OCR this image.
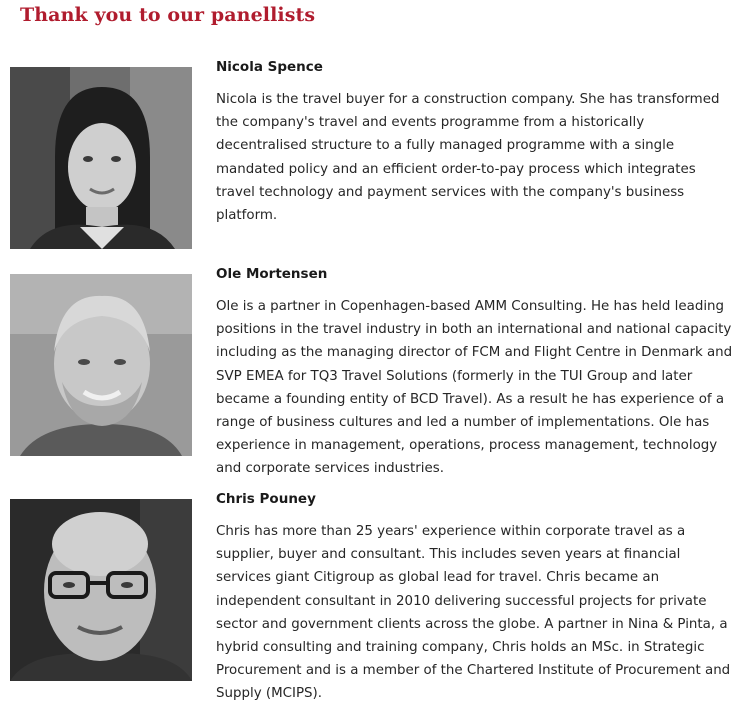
Thank you to our panellists

Nicola Spence

Nicola is the travel buyer for a construction company. She has transformed the company's travel and events programme from a historically decentralised structure to a fully managed programme with a single mandated policy and an efficient order-to-pay process which integrates travel technology and payment services with the company's business platform.

Ole Mortensen

Ole is a partner in Copenhagen-based AMM Consulting. He has held leading positions in the travel industry in both an international and national capacity including as the managing director of FCM and Flight Centre in Denmark and SVP EMEA for TQ3 Travel Solutions (formerly in the TUI Group and later became a founding entity of BCD Travel). As a result he has experience of a range of business cultures and led a number of implementations. Ole has experience in management, operations, process management, technology and corporate services industries.

Chris Pouney

Chris has more than 25 years' experience within corporate travel as a supplier, buyer and consultant. This includes seven years at financial services giant Citigroup as global lead for travel. Chris became an independent consultant in 2010 delivering successful projects for private sector and government clients across the globe. A partner in Nina & Pinta, a hybrid consulting and training company, Chris holds an MSc. in Strategic Procurement and is a member of the Chartered Institute of Procurement and Supply (MCIPS).
